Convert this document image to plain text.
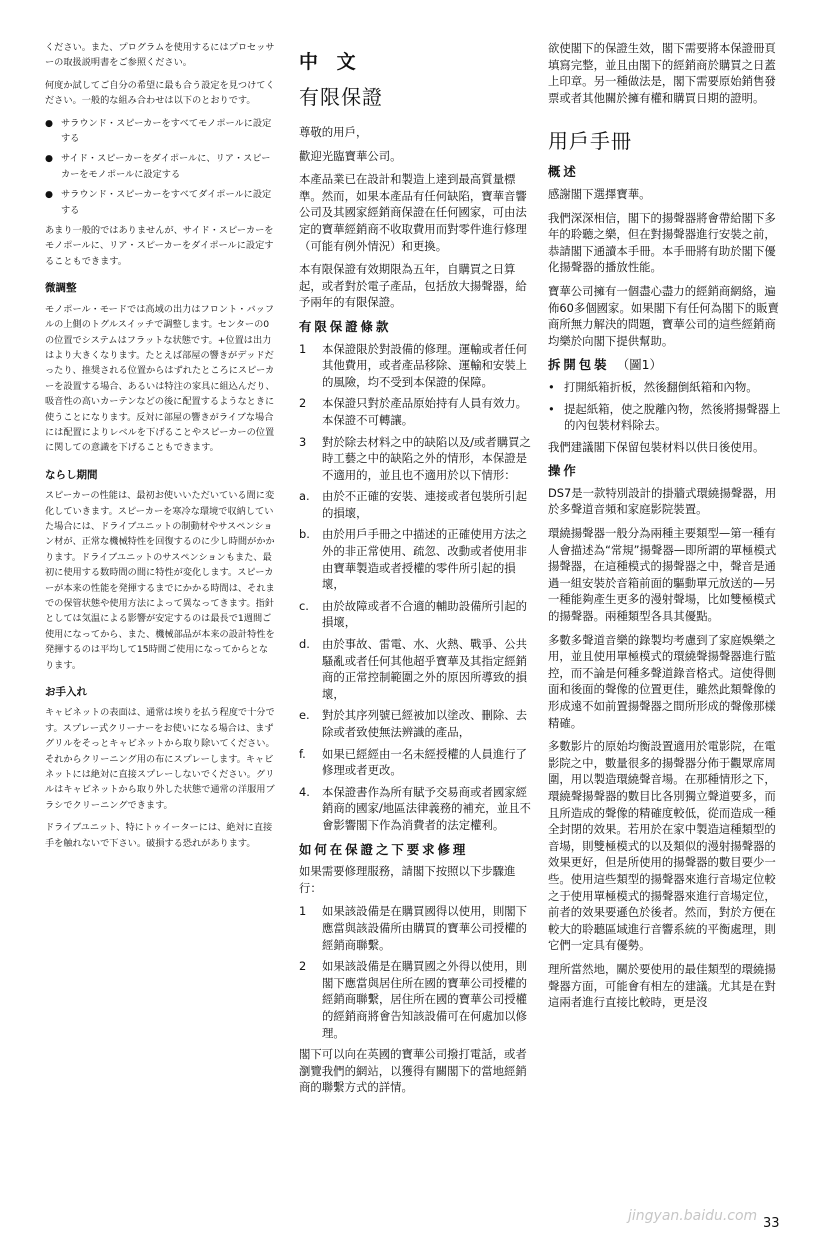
ください。また、プログラムを使用するにはプロセッサーの取扱説明書をご参照ください。

何度か試してご自分の希望に最も合う設定を見つけてください。一般的な組み合わせは以下のとおりです。

● サラウンド・スピーカーをすべてモノポールに設定する
● サイド・スピーカーをダイポールに、リア・スピーカーをモノポールに設定する
● サラウンド・スピーカーをすべてダイポールに設定する

あまり一般的ではありませんが、サイド・スピーカーをモノポールに、リア・スピーカーをダイポールに設定することもできます。

微調整

モノポール・モードでは高域の出力はフロント・バッフルの上側のトグルスイッチで調整します。センターの0の位置でシステムはフラットな状態です。+位置は出力はより大きくなります。たとえば部屋の響きがデッドだったり、推奨される位置からはずれたところにスピーカーを設置する場合、あるいは特注の家具に組込んだり、吸音性の高いカーテンなどの後に配置するようなときに使うことになります。反対に部屋の響きがライブな場合には配置によりレベルを下げることやスピーカーの位置に関しての意識を下げることもできます。

ならし期間

スピーカーの性能は、最初お使いいただいている間に変化していきます。スピーカーを寒冷な環境で収納していた場合には、ドライブユニットの制動材やサスペンション材が、正常な機械特性を回復するのに少し時間がかかります。ドライブユニットのサスペンションもまた、最初に使用する数時間の間に特性が変化します。スピーカーが本来の性能を発揮するまでにかかる時間は、それまでの保管状態や使用方法によって異なってきます。指針としては気温による影響が安定するのは最長で1週間ご使用になってから、また、機械部品が本来の設計特性を発揮するのは平均して15時間ご使用になってからとなります。

お手入れ

キャビネットの表面は、通常は埃りを払う程度で十分です。スプレー式クリーナーをお使いになる場合は、まずグリルをそっとキャビネットから取り除いてください。それからクリーニング用の布にスプレーします。キャビネットには絶対に直接スプレーしないでください。グリルはキャビネットから取り外した状態で通常の洋服用ブラシでクリーニングできます。

ドライブユニット、特にトゥイーターには、絶対に直接手を触れないで下さい。破損する恐れがあります。

中 文
有限保證

尊敬的用戶，

歡迎光臨寶華公司。

本產品業已在設計和製造上達到最高質量標準。然而，如果本產品有任何缺陷，寶華音響公司及其國家經銷商保證在任何國家，可由法定的寶華經銷商不收取費用而對零件進行修理（可能有例外情況）和更換。

本有限保證有效期限為五年，自購買之日算起，或者對於電子產品，包括放大揚聲器，給予兩年的有限保證。

有限保證條款
1 本保證限於對設備的修理。運輸或者任何其他費用，或者產品移除、運輸和安裝上的風險，均不受到本保證的保障。
2 本保證只對於產品原始持有人員有效力。本保證不可轉讓。
3 對於除去材料之中的缺陷以及/或者購買之時工藝之中的缺陷之外的情形，本保證是不適用的，並且也不適用於以下情形：
a. 由於不正確的安裝、連接或者包裝所引起的損壞，
b. 由於用戶手冊之中描述的正確使用方法之外的非正常使用、疏忽、改動或者使用非由寶華製造或者授權的零件所引起的損壞，
c. 由於故障或者不合適的輔助設備所引起的損壞，
d. 由於事故、雷電、水、火熱、戰爭、公共騷亂或者任何其他超乎寶華及其指定經銷商的正常控制範圍之外的原因所導致的損壞，
e. 對於其序列號已經被加以塗改、刪除、去除或者致使無法辨識的產品，
f. 如果已經經由一名未經授權的人員進行了修理或者更改。
4. 本保證書作為所有賦予交易商或者國家經銷商的國家/地區法律義務的補充，並且不會影響閣下作為消費者的法定權利。
如何在保證之下要求修理

如果需要修理服務，請閣下按照以下步驟進行：

1 如果該設備是在購買國得以使用，則閣下應當與該設備所由購買的寶華公司授權的經銷商聯繫。
2 如果該設備是在購買國之外得以使用，則閣下應當與居住所在國的寶華公司授權的經銷商聯繫，居住所在國的寶華公司授權的經銷商將會告知該設備可在何處加以修理。

閣下可以向在英國的寶華公司撥打電話，或者瀏覽我們的網站，以獲得有關閣下的當地經銷商的聯繫方式的詳情。

欲使閣下的保證生效，閣下需要將本保證冊頁填寫完整，並且由閣下的經銷商於購買之日蓋上印章。另一種做法是，閣下需要原始銷售發票或者其他關於擁有權和購買日期的證明。

用戶手冊
概述

感謝閣下選擇寶華。

我們深深相信，閣下的揚聲器將會帶給閣下多年的聆聽之樂，但在對揚聲器進行安裝之前，恭請閣下通讀本手冊。本手冊將有助於閣下優化揚聲器的播放性能。

寶華公司擁有一個盡心盡力的經銷商網絡，遍佈60多個國家。如果閣下有任何為閣下的販賣商所無力解決的問題，寶華公司的這些經銷商均樂於向閣下提供幫助。

拆開包裝 （圖1）
• 打開紙箱折板，然後翻倒紙箱和內物。
• 提起紙箱，使之脫離內物，然後將揚聲器上的內包裝材料除去。

我們建議閣下保留包裝材料以供日後使用。

操作

DS7是一款特別設計的掛牆式環繞揚聲器，用於多聲道音頻和家庭影院裝置。

環繞揚聲器一般分為兩種主要類型—第一種有人會描述為“常規”揚聲器—即所謂的單極模式揚聲器，在這種模式的揚聲器之中，聲音是通過一組安裝於音箱前面的驅動單元放送的—另一種能夠產生更多的漫射聲場，比如雙極模式的揚聲器。兩種類型各具其優點。

多數多聲道音樂的錄製均考慮到了家庭娛樂之用，並且使用單極模式的環繞聲揚聲器進行監控，而不論是何種多聲道錄音格式。這使得側面和後面的聲像的位置更佳，雖然此類聲像的形成遠不如前置揚聲器之間所形成的聲像那樣精確。

多數影片的原始均衡設置適用於電影院，在電影院之中，數量很多的揚聲器分佈于觀眾席周圍，用以製造環繞聲音場。在那種情形之下，環繞聲揚聲器的數目比各別獨立聲道要多，而且所造成的聲像的精確度較低，從而造成一種全封閉的效果。若用於在家中製造這種類型的音場，則雙極模式的以及類似的漫射揚聲器的效果更好，但是所使用的揚聲器的數目要少一些。使用這些類型的揚聲器來進行音場定位較之于使用單極模式的揚聲器來進行音場定位，前者的效果要遜色於後者。然而，對於方便在較大的聆聽區域進行音響系統的平衡處理，則它們一定具有優勢。

理所當然地，關於要使用的最佳類型的環繞揚聲器方面，可能會有相左的建議。尤其是在對這兩者進行直接比較時，更是沒

jingyan.baidu.com 33
